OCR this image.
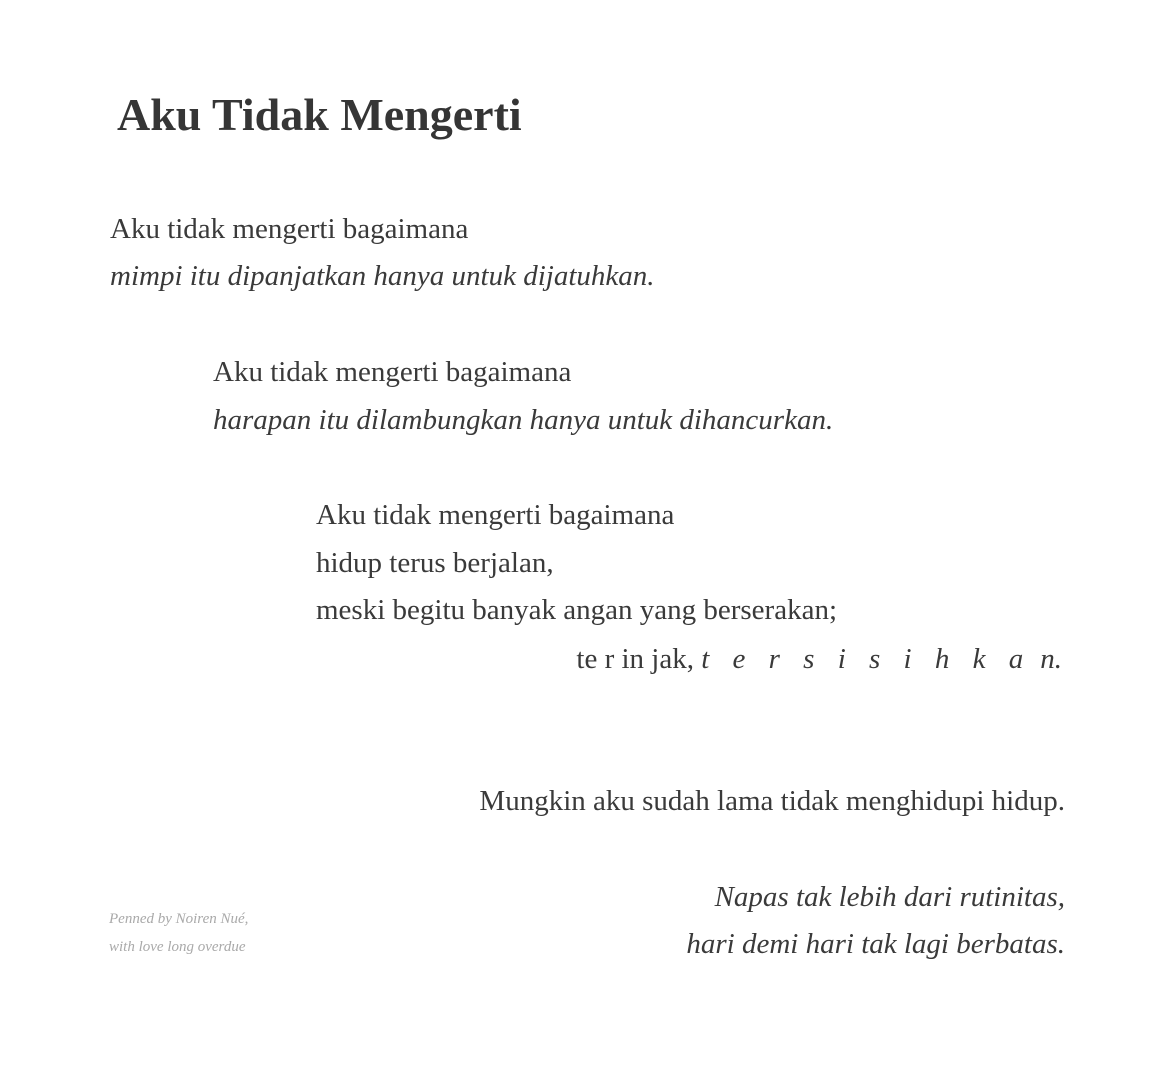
Aku Tidak Mengerti
Aku tidak mengerti bagaimana
mimpi itu dipanjatkan hanya untuk dijatuhkan.
Aku tidak mengerti bagaimana
harapan itu dilambungkan hanya untuk dihancurkan.
Aku tidak mengerti bagaimana
hidup terus berjalan,
meski begitu banyak angan yang berserakan;
te r in jak, t e r s i s i h k a n.
Mungkin aku sudah lama tidak menghidupi hidup.
Napas tak lebih dari rutinitas,
hari demi hari tak lagi berbatas.
Penned by Noiren Nué,
with love long overdue
